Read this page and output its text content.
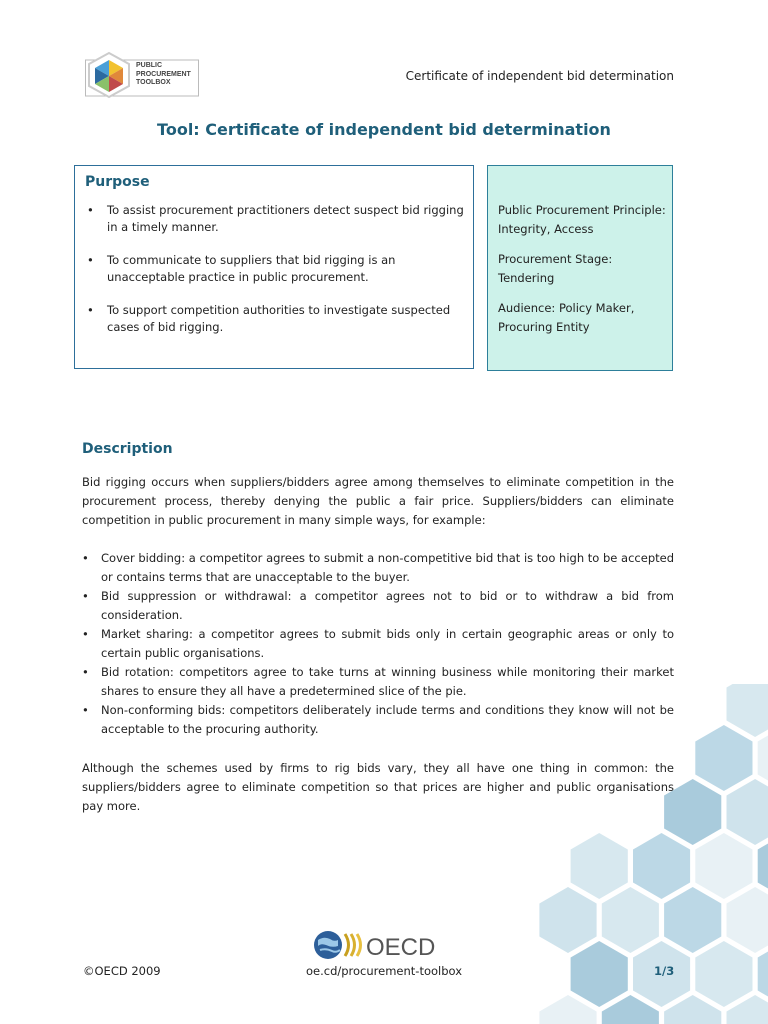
PUBLIC
PROCUREMENT
TOOLBOX	Certificate of independent bid determination
Tool: Certificate of independent bid determination
Purpose
• To assist procurement practitioners detect suspect bid rigging in a timely manner.
• To communicate to suppliers that bid rigging is an unacceptable practice in public procurement.
• To support competition authorities to investigate suspected cases of bid rigging.
Public Procurement Principle: Integrity, Access
Procurement Stage: Tendering
Audience: Policy Maker, Procuring Entity
Description
Bid rigging occurs when suppliers/bidders agree among themselves to eliminate competition in the procurement process, thereby denying the public a fair price. Suppliers/bidders can eliminate competition in public procurement in many simple ways, for example:
• Cover bidding: a competitor agrees to submit a non-competitive bid that is too high to be accepted or contains terms that are unacceptable to the buyer.
• Bid suppression or withdrawal: a competitor agrees not to bid or to withdraw a bid from consideration.
• Market sharing: a competitor agrees to submit bids only in certain geographic areas or only to certain public organisations.
• Bid rotation: competitors agree to take turns at winning business while monitoring their market shares to ensure they all have a predetermined slice of the pie.
• Non-conforming bids: competitors deliberately include terms and conditions they know will not be acceptable to the procuring authority.
Although the schemes used by firms to rig bids vary, they all have one thing in common: the suppliers/bidders agree to eliminate competition so that prices are higher and public organisations pay more.
OECD
©OECD 2009	oe.cd/procurement-toolbox	1/3
